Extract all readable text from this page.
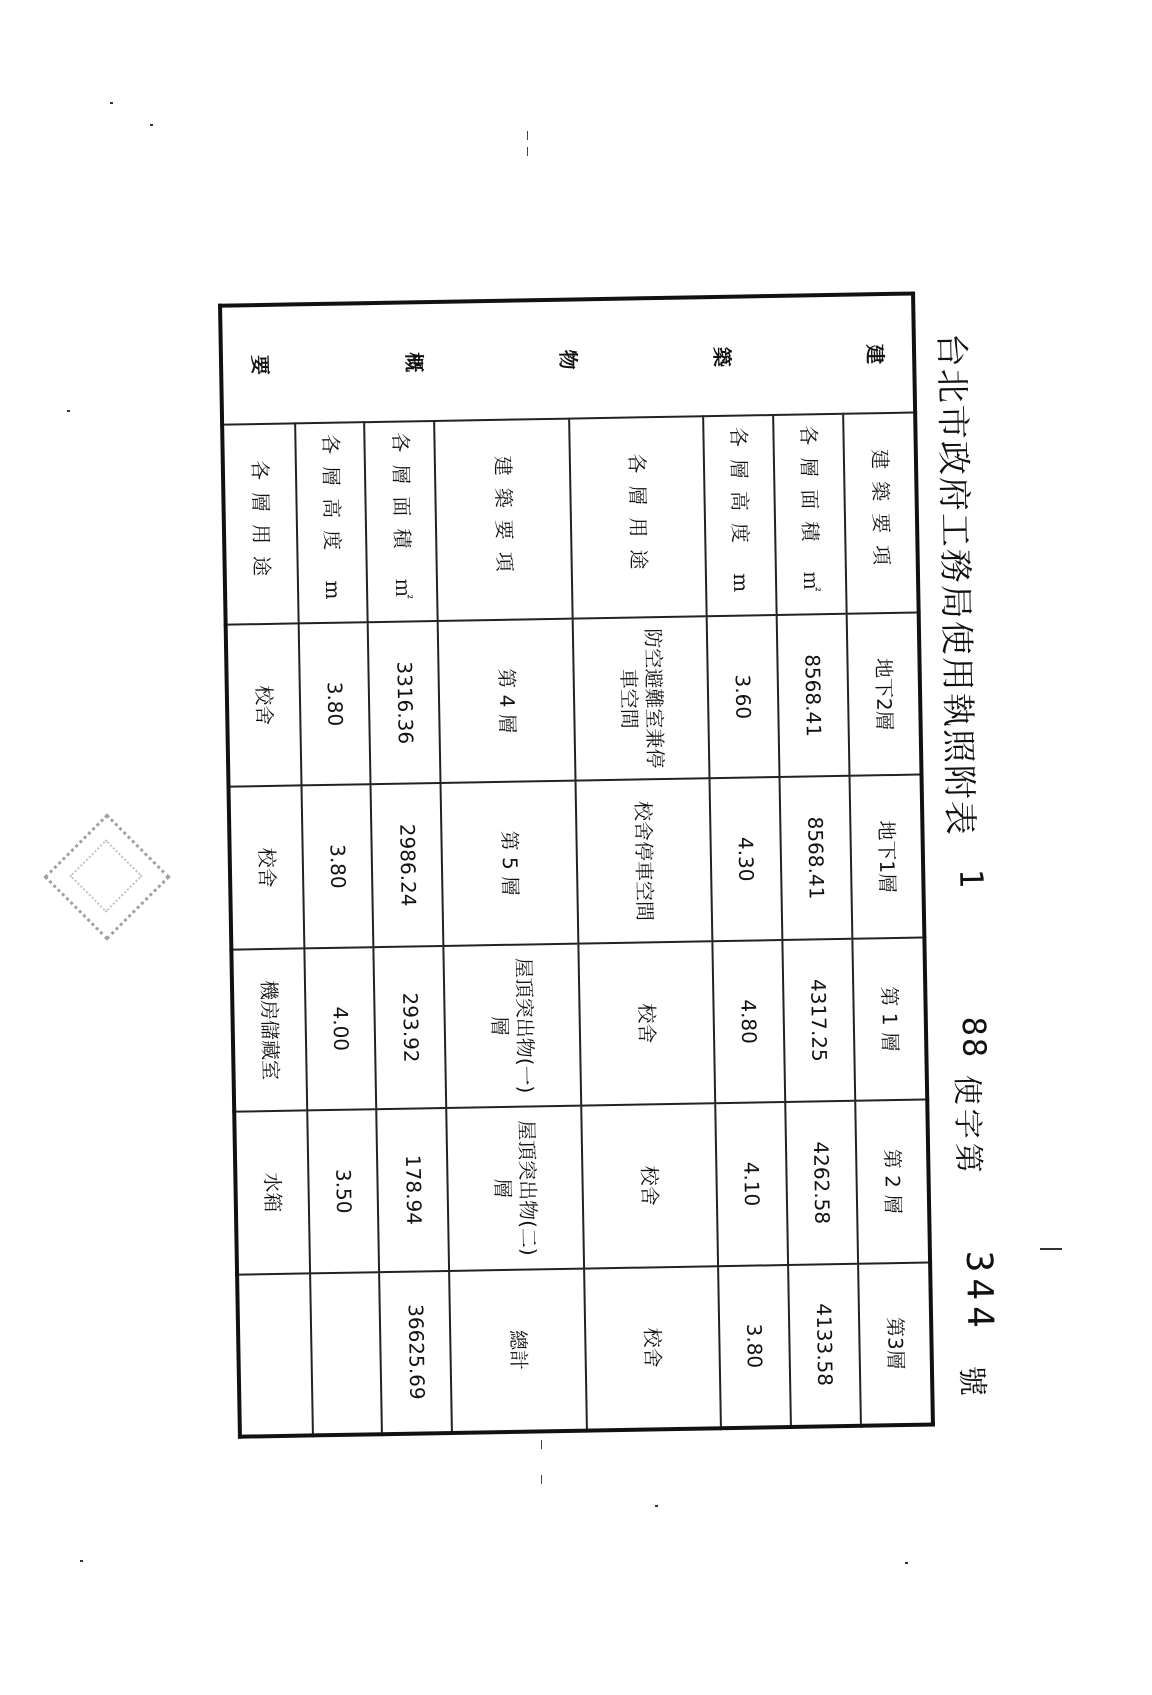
台北市政府工務局使用執照附表
1
88
使字第
344
號
建
築
物
概
要	建築要項	地下2層	地下1層	第 1 層	第 2 層	第3層
	各層面積 ㎡	8568.41	8568.41	4317.25	4262.58	4133.58
	各層高度 m	3.60	4.30	4.80	4.10	3.80
	各層用途	防空避難室兼停車空間	校舍停車空間	校舍	校舍	校舍
	建築要項	第 4 層	第 5 層	屋頂突出物(一)層	屋頂突出物(二)層	總計
	各層面積 ㎡	3316.36	2986.24	293.92	178.94	36625.69
	各層高度 m	3.80	3.80	4.00	3.50	
	各層用途	校舍	校舍	機房儲藏室	水箱	
